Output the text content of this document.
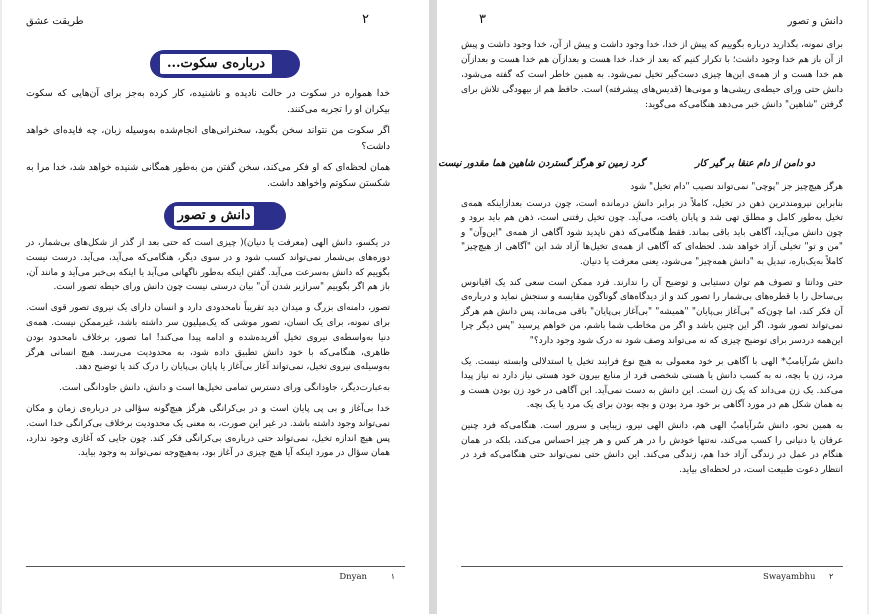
طریقت عشق	۲
درباره‌ی سکوت...

خدا همواره در سکوت در حالت نادیده و ناشنیده، کار کرده به‌جز برای آن‌هایی که سکوت بیکران او را تجربه می‌کنند.

اگر سکوت من نتواند سخن بگوید، سخنرانی‌های انجام‌شده به‌وسیله زبان، چه فایده‌ای خواهد داشت؟

همان لحظه‌ای که او فکر می‌کند، سخن گفتن من به‌طور همگانی شنیده خواهد شد، خدا مرا به شکستن سکوتم واخواهد داشت.

دانش و تصور

در یکسو، دانش الهی (معرفت یا دنیان)( چیزی است که حتی بعد از گذر از شکل‌های بی‌شمار، در دوره‌های بی‌شمار نمی‌تواند کسب شود و در سوی دیگر، هنگامی‌که می‌آید، می‌آید. درست نیست بگوییم که دانش به‌سرعت می‌آید. گفتن اینکه به‌طور ناگهانی می‌آید یا اینکه بی‌خبر می‌آید و مانند آن، باز هم اگر بگوییم "سرازیر شدن آن" بیان درستی نیست چون دانش ورای حیطه تصور است.

تصور، دامنه‌ای بزرگ و میدان دید تقریباً نامحدودی دارد و انسان دارای یک نیروی تصور قوی است. برای نمونه، برای یک انسان، تصور موشی که یک‌میلیون سر داشته باشد، غیرممکن نیست. همه‌ی دنیا به‌واسطه‌ی نیروی تخیل آفریده‌شده و ادامه پیدا می‌کند! اما تصور، برخلاف نامحدود بودن ظاهری، هنگامی‌که با خود دانش تطبیق داده شود، به محدودیت می‌رسد. هیچ انسانی هرگز به‌وسیله‌ی نیروی تخیل، نمی‌تواند آغاز بی‌آغاز یا پایان بی‌پایان را درک کند یا توضیح دهد.

به‌عبارت‌دیگر، جاودانگی ورای دسترس تمامی تخیل‌ها است و دانش، دانش جاودانگی است.

خدا بی‌آغاز و بی پی پایان است و در بی‌کرانگی هرگز هیچ‌گونه سؤالی در درباره‌ی زمان و مکان نمی‌تواند وجود داشته باشد. در غیر این صورت، به معنی یک محدودیت برخلاف بی‌کرانگی خدا است. پس هیچ اندازه تخیل، نمی‌تواند حتی درباره‌ی بی‌کرانگی فکر کند. چون جایی که آغازی وجود ندارد، همان سؤال در مورد اینکه آیا هیچ چیزی در آغاز بود، به‌هیچ‌وجه نمی‌تواند به وجود بیاید.

Dnyan	۱
۳	دانش و تصور

برای نمونه، بگذارید درباره بگوییم که پیش از خدا، خدا وجود داشت و پیش از آن، خدا وجود داشت و پیش از آن باز هم خدا وجود داشت؛ با تکرار کنیم که بعد از خدا، خدا هست و بعدازآن هم خدا هست و بعدازآن هم خدا هست و از همه‌ی این‌ها چیزی دست‌گیر تخیل نمی‌شود. به همین خاطر است که گفته می‌شود، دانش حتی ورای حیطه‌ی ریشی‌ها و مونی‌ها (قدیس‌های پیشرفته) است. حافظ هم از بیهودگی تلاش برای گرفتن "شاهین" دانش خبر می‌دهد هنگامی‌که می‌گوید:

دو دامن از دام عنقا بر گیر کار
گرد زمین تو هرگز گستردن شاهین هما مقدور نیست

هرگز هیچ‌چیز جز "پوچی" نمی‌تواند نصیب "دام تخیل" شود

بنابراین نیرومندترین ذهن در تخیل، کاملاً در برابر دانش درمانده است، چون درست بعدازاینکه همه‌ی تخیل به‌طور کامل و مطلق تهی شد و پایان یافت، می‌آید. چون تخیل رفتنی است، ذهن هم باید برود و چون دانش می‌آید، آگاهی باید باقی بماند. فقط هنگامی‌که ذهن ناپدید شود آگاهی از همه‌ی "این‌وآن" و "من و تو" تخیلی آزاد خواهد شد. لحظه‌ای که آگاهی از همه‌ی تخیل‌ها آزاد شد این "آگاهی از هیچ‌چیز" کاملاً به‌یک‌باره، تبدیل به "دانش همه‌چیز" می‌شود، یعنی معرفت یا دنیان.

حتی ودانتا و تصوف هم توان دستیابی و توضیح آن را ندارند. فرد ممکن است سعی کند یک اقیانوس بی‌ساحل را با قطره‌های بی‌شمار را تصور کند و از دیدگاه‌های گوناگون مقایسه و سنجش نماید و درباره‌ی آن فکر کند، اما چون‌که "بی‌آغاز بی‌پایان" "همیشه" "بی‌آغاز بی‌پایان" باقی می‌ماند، پس دانش هم هرگز نمی‌تواند تصور شود. اگر این چنین باشد و اگر من مخاطب شما باشم، من خواهم پرسید "پس دیگر چرا این‌همه دردسر برای توضیح چیزی که نه می‌تواند وصف شود نه درک شود وجود دارد؟"

دانش سُرآیامبُ* الهی با آگاهی بر خود معمولی به هیچ نوع فرایند تخیل یا استدلالی وابسته نیست. یک مرد، زن یا بچه، نه به کسب دانش یا هستی شخصی فرد از منابع بیرون خود هستی نیاز دارد نه نیاز پیدا می‌کند. یک زن می‌داند که یک زن است. این دانش به دست نمی‌آید. این آگاهی در خود زن بودن هست و به همان شکل هم در مورد آگاهی بر خود مرد بودن و بچه بودن برای یک مرد یا یک بچه.

به همین نحو، دانش سُرآیامبُ الهی هم، دانش الهی نیرو، زیبایی و سرور است. هنگامی‌که فرد چنین عرفان یا دنیانی را کسب می‌کند، نه‌تنها خودش را در هر کس و هر چیز احساس می‌کند، بلکه در همان هنگام در عمل در زندگی آزاد خدا هم، زندگی می‌کند. این دانش حتی نمی‌تواند حتی هنگامی‌که فرد در انتظار دعوت طبیعت است، در لحظه‌ای بیاید.

Swayambhu ۲
